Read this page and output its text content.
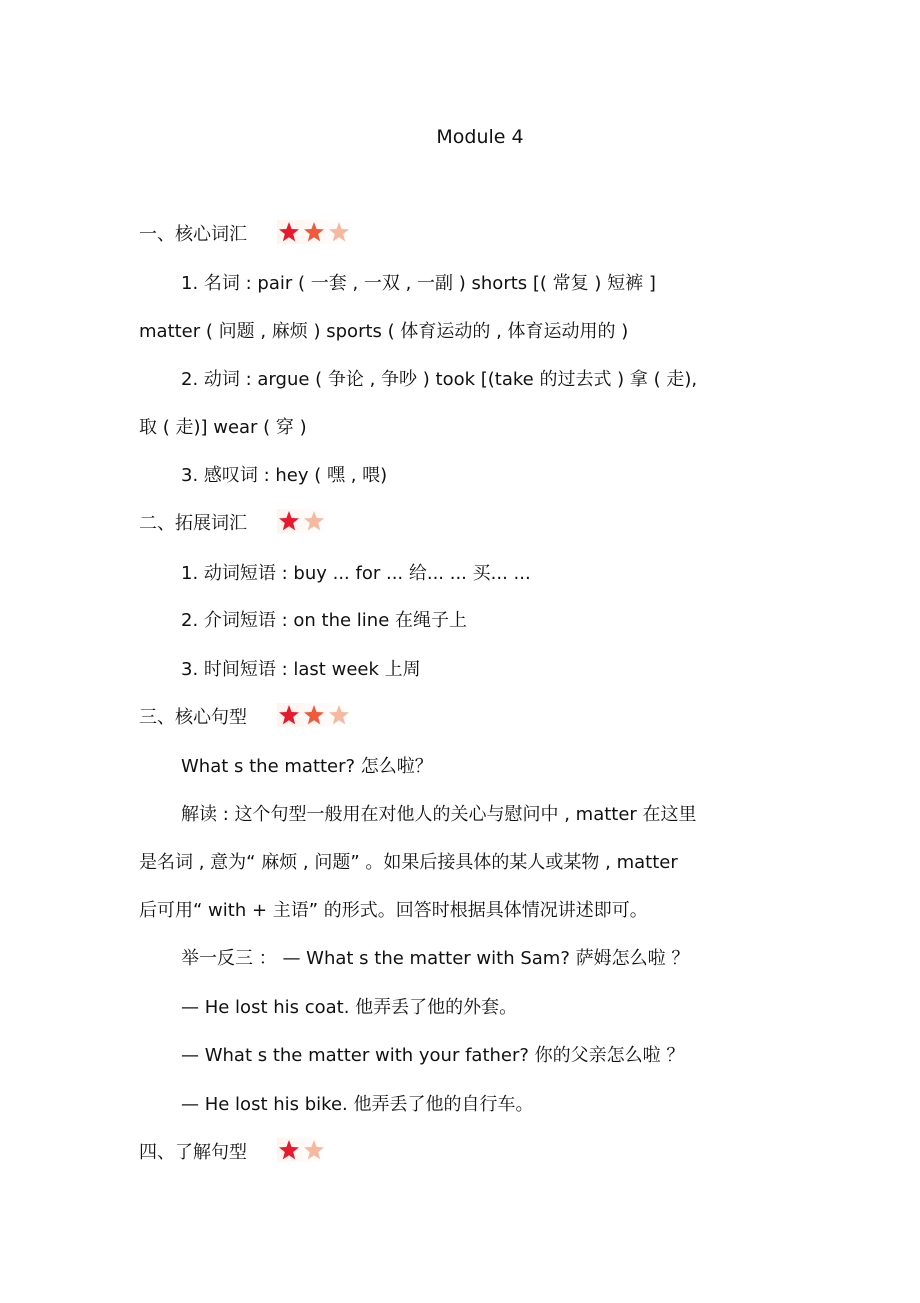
Module 4
一、核心词汇
1. 名词 : pair ( 一套 , 一双 , 一副 ) shorts [( 常复 ) 短裤 ]
matter ( 问题 , 麻烦 ) sports ( 体育运动的 , 体育运动用的 )
2. 动词 : argue ( 争论 , 争吵 ) took [(take 的过去式 ) 拿 ( 走),
取 ( 走)] wear ( 穿 )
3. 感叹词 : hey ( 嘿 , 喂)
二、拓展词汇
1. 动词短语 : buy ... for ... 给... ... 买... ...
2. 介词短语 : on the line 在绳子上
3. 时间短语 : last week 上周
三、核心句型
What s the matter? 怎么啦？
解读 : 这个句型一般用在对他人的关心与慰问中 , matter 在这里
是名词 , 意为“ 麻烦 , 问题” 。如果后接具体的某人或某物 , matter
后可用“ with + 主语” 的形式。回答时根据具体情况讲述即可。
举一反三 ： — What s the matter with Sam? 萨姆怎么啦 ？
— He lost his coat. 他弄丢了他的外套。
— What s the matter with your father? 你的父亲怎么啦 ？
— He lost his bike. 他弄丢了他的自行车。
四、了解句型
